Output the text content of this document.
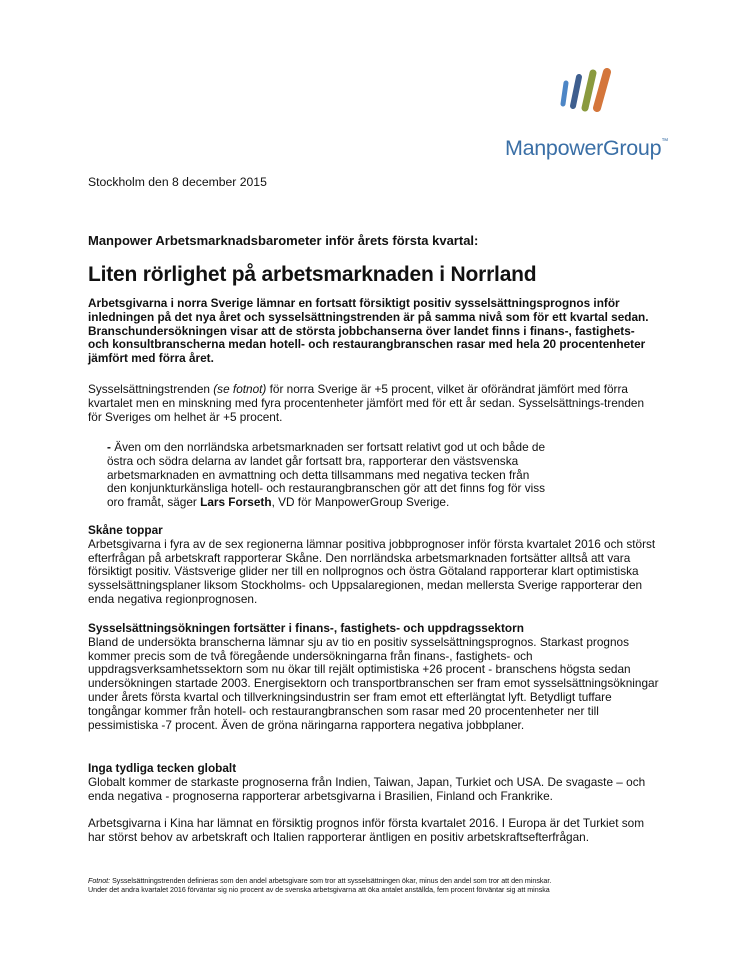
ManpowerGroup™
Stockholm den 8 december 2015
Manpower Arbetsmarknadsbarometer inför årets första kvartal:
Liten rörlighet på arbetsmarknaden i Norrland
Arbetsgivarna i norra Sverige lämnar en fortsatt försiktigt positiv sysselsättningsprognos inför inledningen på det nya året och sysselsättningstrenden är på samma nivå som för ett kvartal sedan. Branschundersökningen visar att de största jobbchanserna över landet finns i finans-, fastighets- och konsultbranscherna medan hotell- och restaurangbranschen rasar med hela 20 procentenheter jämfört med förra året.
Sysselsättningstrenden (se fotnot) för norra Sverige är +5 procent, vilket är oförändrat jämfört med förra kvartalet men en minskning med fyra procentenheter jämfört med för ett år sedan. Sysselsättnings-trenden för Sveriges om helhet är +5 procent.
- Även om den norrländska arbetsmarknaden ser fortsatt relativt god ut och både de östra och södra delarna av landet går fortsatt bra, rapporterar den västsvenska arbetsmarknaden en avmattning och detta tillsammans med negativa tecken från den konjunkturkänsliga hotell- och restaurangbranschen gör att det finns fog för viss oro framåt, säger Lars Forseth, VD för ManpowerGroup Sverige.
Skåne toppar

Arbetsgivarna i fyra av de sex regionerna lämnar positiva jobbprognoser inför första kvartalet 2016 och störst efterfrågan på arbetskraft rapporterar Skåne. Den norrländska arbetsmarknaden fortsätter alltså att vara försiktigt positiv. Västsverige glider ner till en nollprognos och östra Götaland rapporterar klart optimistiska sysselsättningsplaner liksom Stockholms- och Uppsalaregionen, medan mellersta Sverige rapporterar den enda negativa regionprognosen.

Sysselsättningsökningen fortsätter i finans-, fastighets- och uppdragssektorn

Bland de undersökta branscherna lämnar sju av tio en positiv sysselsättningsprognos. Starkast prognos kommer precis som de två föregående undersökningarna från finans-, fastighets- och uppdragsverksamhetssektorn som nu ökar till rejält optimistiska +26 procent - branschens högsta sedan undersökningen startade 2003. Energisektorn och transportbranschen ser fram emot sysselsättningsökningar under årets första kvartal och tillverkningsindustrin ser fram emot ett efterlängtat lyft. Betydligt tuffare tongångar kommer från hotell- och restaurangbranschen som rasar med 20 procentenheter ner till pessimistiska -7 procent. Även de gröna näringarna rapportera negativa jobbplaner.

Inga tydliga tecken globalt

Globalt kommer de starkaste prognoserna från Indien, Taiwan, Japan, Turkiet och USA. De svagaste – och enda negativa - prognoserna rapporterar arbetsgivarna i Brasilien, Finland och Frankrike.

Arbetsgivarna i Kina har lämnat en försiktig prognos inför första kvartalet 2016. I Europa är det Turkiet som har störst behov av arbetskraft och Italien rapporterar äntligen en positiv arbetskraftsefterfrågan.
Fotnot: Sysselsättningstrenden definieras som den andel arbetsgivare som tror att sysselsättningen ökar, minus den andel som tror att den minskar.
Under det andra kvartalet 2016 förväntar sig nio procent av de svenska arbetsgivarna att öka antalet anställda, fem procent förväntar sig att minska
